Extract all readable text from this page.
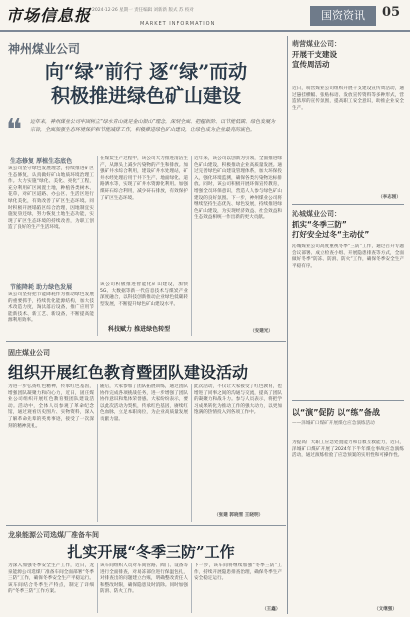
市场信息报 2024·12·26 星期一 责任编辑 刘新新 版式 苏 校对
MARKET INFORMATION
国资资讯	05
神州煤业公司
向“绿”前行 逐“绿”而动
积极推进绿色矿山建设
❝ 近年来，神州煤业公司牢固树立“绿水青山就是金山银山”理念，深刻全面、把握新阶、以节能低碳、绿色发展为宗旨，全面加强生态环境保护和节能减排工作，积极推进绿色矿山建设，让绿色成为企业最亮的底色。
生态修复 厚植生态底色
该公司坚守绿色发展理念，持续推进矿区生态修复，认真做好矿山地质环境治理工作。大力实施“绿化、美化、亮化”工程，充分利用矿区闲置土地，种植各类树木、花草，对矿区道路、办公区、生活区进行绿化美化，有效改善了矿区生态环境。同时积极开展塌陷区综合治理，因地制宜实施复垦还绿，努力恢复土地生态功能，实现了矿区生态环境的持续改善，为职工创造了良好的生产生活环境。
节能降耗 助力绿色发展
该公司坚持把节能降耗作为推动绿色发展的重要抓手，持续优化能源结构，加大技术改造力度，淘汰落后设备，推广应用节能新技术、新工艺、新设备，不断提高能源利用效率。
在煤炭生产过程中，该公司大力推进清洁生产，从源头上减少污染物的产生和排放。加强矿井水综合利用，建设矿井水处理站，矿井水经处理后用于井下生产、地面绿化、道路洒水等，实现了矿井水资源化利用。加强煤矸石综合利用，减少矸石排放，有效保护了矿区生态环境。
该公司积极推进智能化矿山建设，加快5G、大数据等新一代信息技术与煤炭产业深度融合，以科技创新推动企业绿色低碳转型发展，不断提升绿色矿山建设水平。
科技赋力 推进绿色转型
近年来，该公司以创新为引领，全面推进绿色矿山建设，积极推动企业高质量发展。通过完善绿色矿山建设管理体系，加大环保投入，强化环境监测，确保各类污染物达标排放。同时，该公司积极开展环保宣传教育，增强全员环保意识，营造人人参与绿色矿山建设的良好氛围。下一步，神州煤业公司将继续坚持生态优先、绿色发展，持续推进绿色矿山建设，为实现经济效益、社会效益和生态效益相统一作出新的更大贡献。
（安建光）
固庄煤业公司
组织开展红色教育暨团队建设活动
为进一步弘扬红色精神，传承红色基因，增强团队凝聚力和向心力，近日，固庄煤业公司组织开展红色教育暨团队建设活动。活动中，全体人员参观了革命纪念馆，通过观看历史图片、实物资料，深入了解革命先辈的英勇事迹，接受了一次深刻的精神洗礼。
随后，大家参加了团队拓展训练，通过团队协作完成各项挑战任务，进一步增强了团队协作意识和集体荣誉感。大家纷纷表示，要以此次活动为契机，传承红色基因，赓续红色血脉，立足本职岗位，为企业高质量发展贡献力量。
此次活动，不仅让大家接受了红色教育，也增进了同事之间的沟通与交流，提高了团队的凝聚力和战斗力。参与人员表示，将把学习成果转化为推动工作的强大动力，以更加饱满的热情投入到各项工作中。
（张建 郭晓雪 王晓明）
龙泉能源公司选煤厂准备车间
扎实开展“冬季三防”工作
为深入加强冬季安全生产工作，近日，龙泉能源公司选煤厂准备车间全面部署“冬季三防”工作，确保冬季安全生产平稳运行。该车间结合冬季生产特点，制定了详细的“冬季三防”工作方案。
该车间组织人员对车间管路、阀门、设备等进行全面排查，对易冻部位进行保温包扎，对排查出的问题建立台账，明确整改责任人和整改时限，确保隐患及时消除。同时加强防滑、防火工作。
下一步，该车间将继续加强“冬季三防”工作，持续开展隐患排查治理，确保冬季生产安全稳定运行。
（王鑫）
萌营煤业公司：
开展干支建设
宣传周活动
近日，萌营煤业公司组织开展干支建设宣传周活动，通过悬挂横幅、张贴标语、发放宣传资料等多种形式，营造浓厚的宣传氛围，提高职工安全意识，助推企业安全生产。
（李志刚）
沁城煤业公司：
抓实“冬季三防”
打好安全过冬“主动仗”
沁城煤业公司高度重视冬季“三防”工作，通过召开专题会议部署、成立检查小组、开展隐患排查等方式，全面做好冬季“防冻、防滑、防火”工作，确保冬季安全生产平稳有序。
以“演”促防 以“练”备战
——泽城矿口煤矿开展煤仓应急演练活动
为提高广大职工应急处置能力和自救互救能力，近日，泽城矿口煤矿开展了2024年下半年煤仓事故应急演练活动，通过演练检验了应急预案的实用性和可操作性。
（文继强）
